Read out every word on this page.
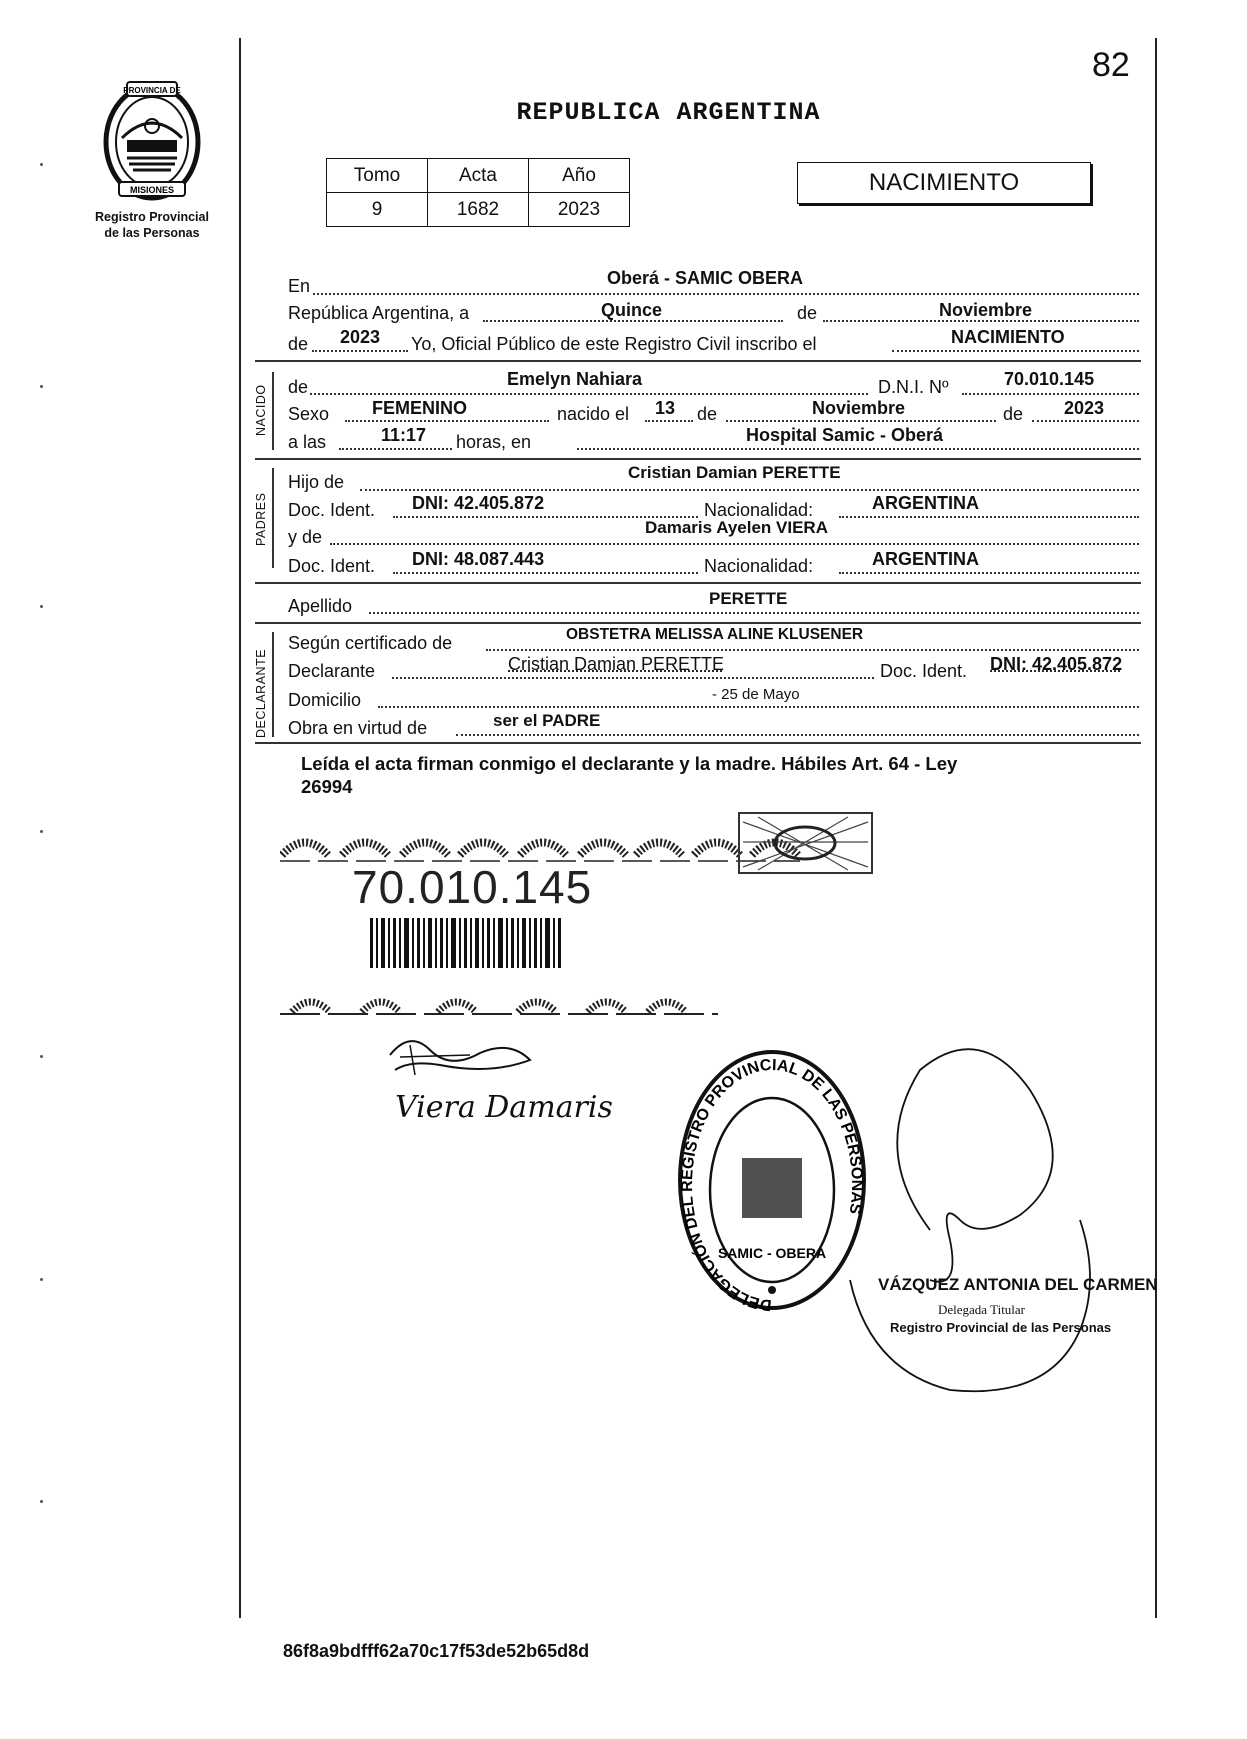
PROVINCIA DE
MISIONES
Registro Provincial
de las Personas
82
REPUBLICA ARGENTINA
Tomo	Acta	Año
9	1682	2023
NACIMIENTO
En	Oberá - SAMIC OBERA
República Argentina, a	Quince	de	Noviembre
de 2023 Yo, Oficial Público de este Registro Civil inscribo el	NACIMIENTO
NACIDO de	Emelyn Nahiara	D.N.I. Nº	70.010.145
Sexo FEMENINO	nacido el 13 de	Noviembre	de 2023
a las	11:17 horas, en	Hospital Samic - Oberá
PADRES
Hijo de	Cristian Damian PERETTE
Doc. Ident. DNI: 42.405.872	Nacionalidad:	ARGENTINA
y de	Damaris Ayelen VIERA
Doc. Ident. DNI: 48.087.443	Nacionalidad:	ARGENTINA
Apellido	PERETTE
DECLARANTE
Según certificado de	OBSTETRA MELISSA ALINE KLUSENER
Declarante	Cristian Damian PERETTE	Doc. Ident. DNI: 42.405.872
Domicilio	- 25 de Mayo
Obra en virtud de	ser el PADRE
Leída el acta firman conmigo el declarante y la madre. Hábiles Art. 64 - Ley
26994
70.010.145
Viera Damaris
DELEGACIÓN DEL REGISTRO PROVINCIAL DE LAS PERSONAS
SAMIC - OBERA
VÁZQUEZ ANTONIA DEL CARMEN
Delegada Titular
Registro Provincial de las Personas
86f8a9bdfff62a70c17f53de52b65d8d
